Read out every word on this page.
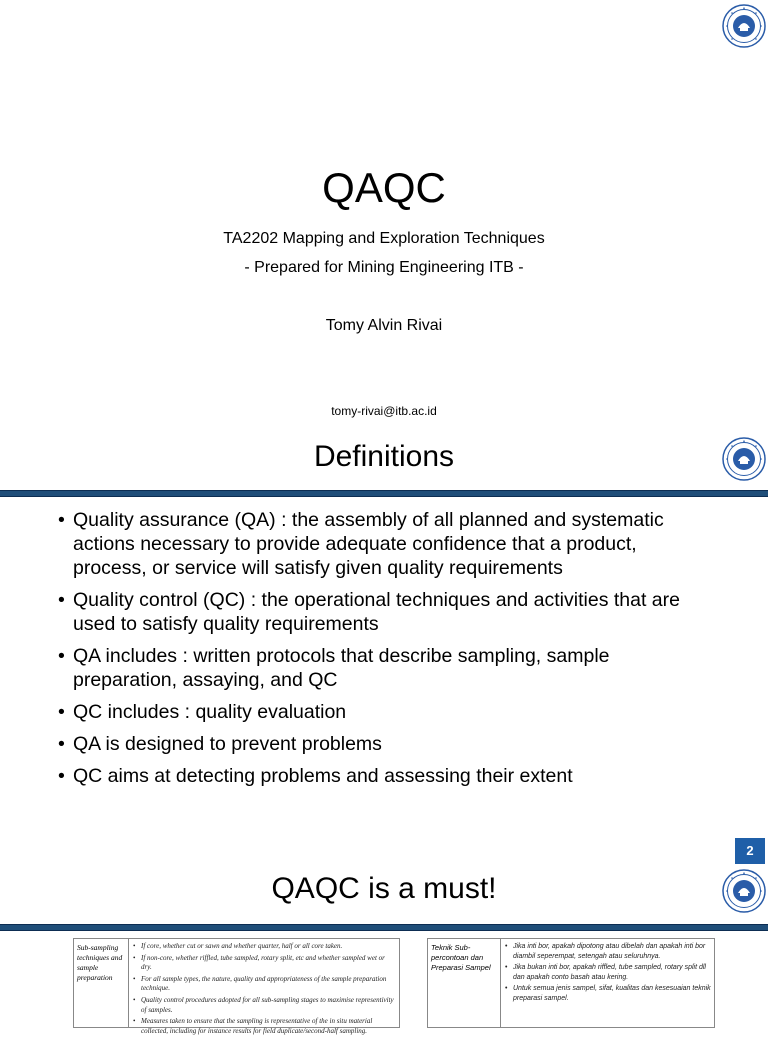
QAQC
TA2202 Mapping and Exploration Techniques
- Prepared for Mining Engineering ITB -
Tomy Alvin Rivai
tomy-rivai@itb.ac.id
Definitions
• Quality assurance (QA) : the assembly of all planned and systematic actions necessary to provide adequate confidence that a product, process, or service will satisfy given quality requirements
• Quality control (QC) : the operational techniques and activities that are used to satisfy quality requirements
• QA includes : written protocols that describe sampling, sample preparation, assaying, and QC
• QC includes : quality evaluation
• QA is designed to prevent problems
• QC aims at detecting problems and assessing their extent
2
QAQC is a must!
Sub-sampling techniques and sample preparation
• If core, whether cut or sawn and whether quarter, half or all core taken.
• If non-core, whether riffled, tube sampled, rotary split, etc and whether sampled wet or dry.
• For all sample types, the nature, quality and appropriateness of the sample preparation technique.
• Quality control procedures adopted for all sub-sampling stages to maximise representivity of samples.
• Measures taken to ensure that the sampling is representative of the in situ material collected, including for instance results for field duplicate/second-half sampling.
Teknik Sub-percontoan dan Preparasi Sampel
• Jika inti bor, apakah dipotong atau dibelah dan apakah inti bor diambil seperempat, setengah atau seluruhnya.
• Jika bukan inti bor, apakah riffled, tube sampled, rotary split dll dan apakah conto basah atau kering.
• Untuk semua jenis sampel, sifat, kualitas dan kesesuaian teknik preparasi sampel.
